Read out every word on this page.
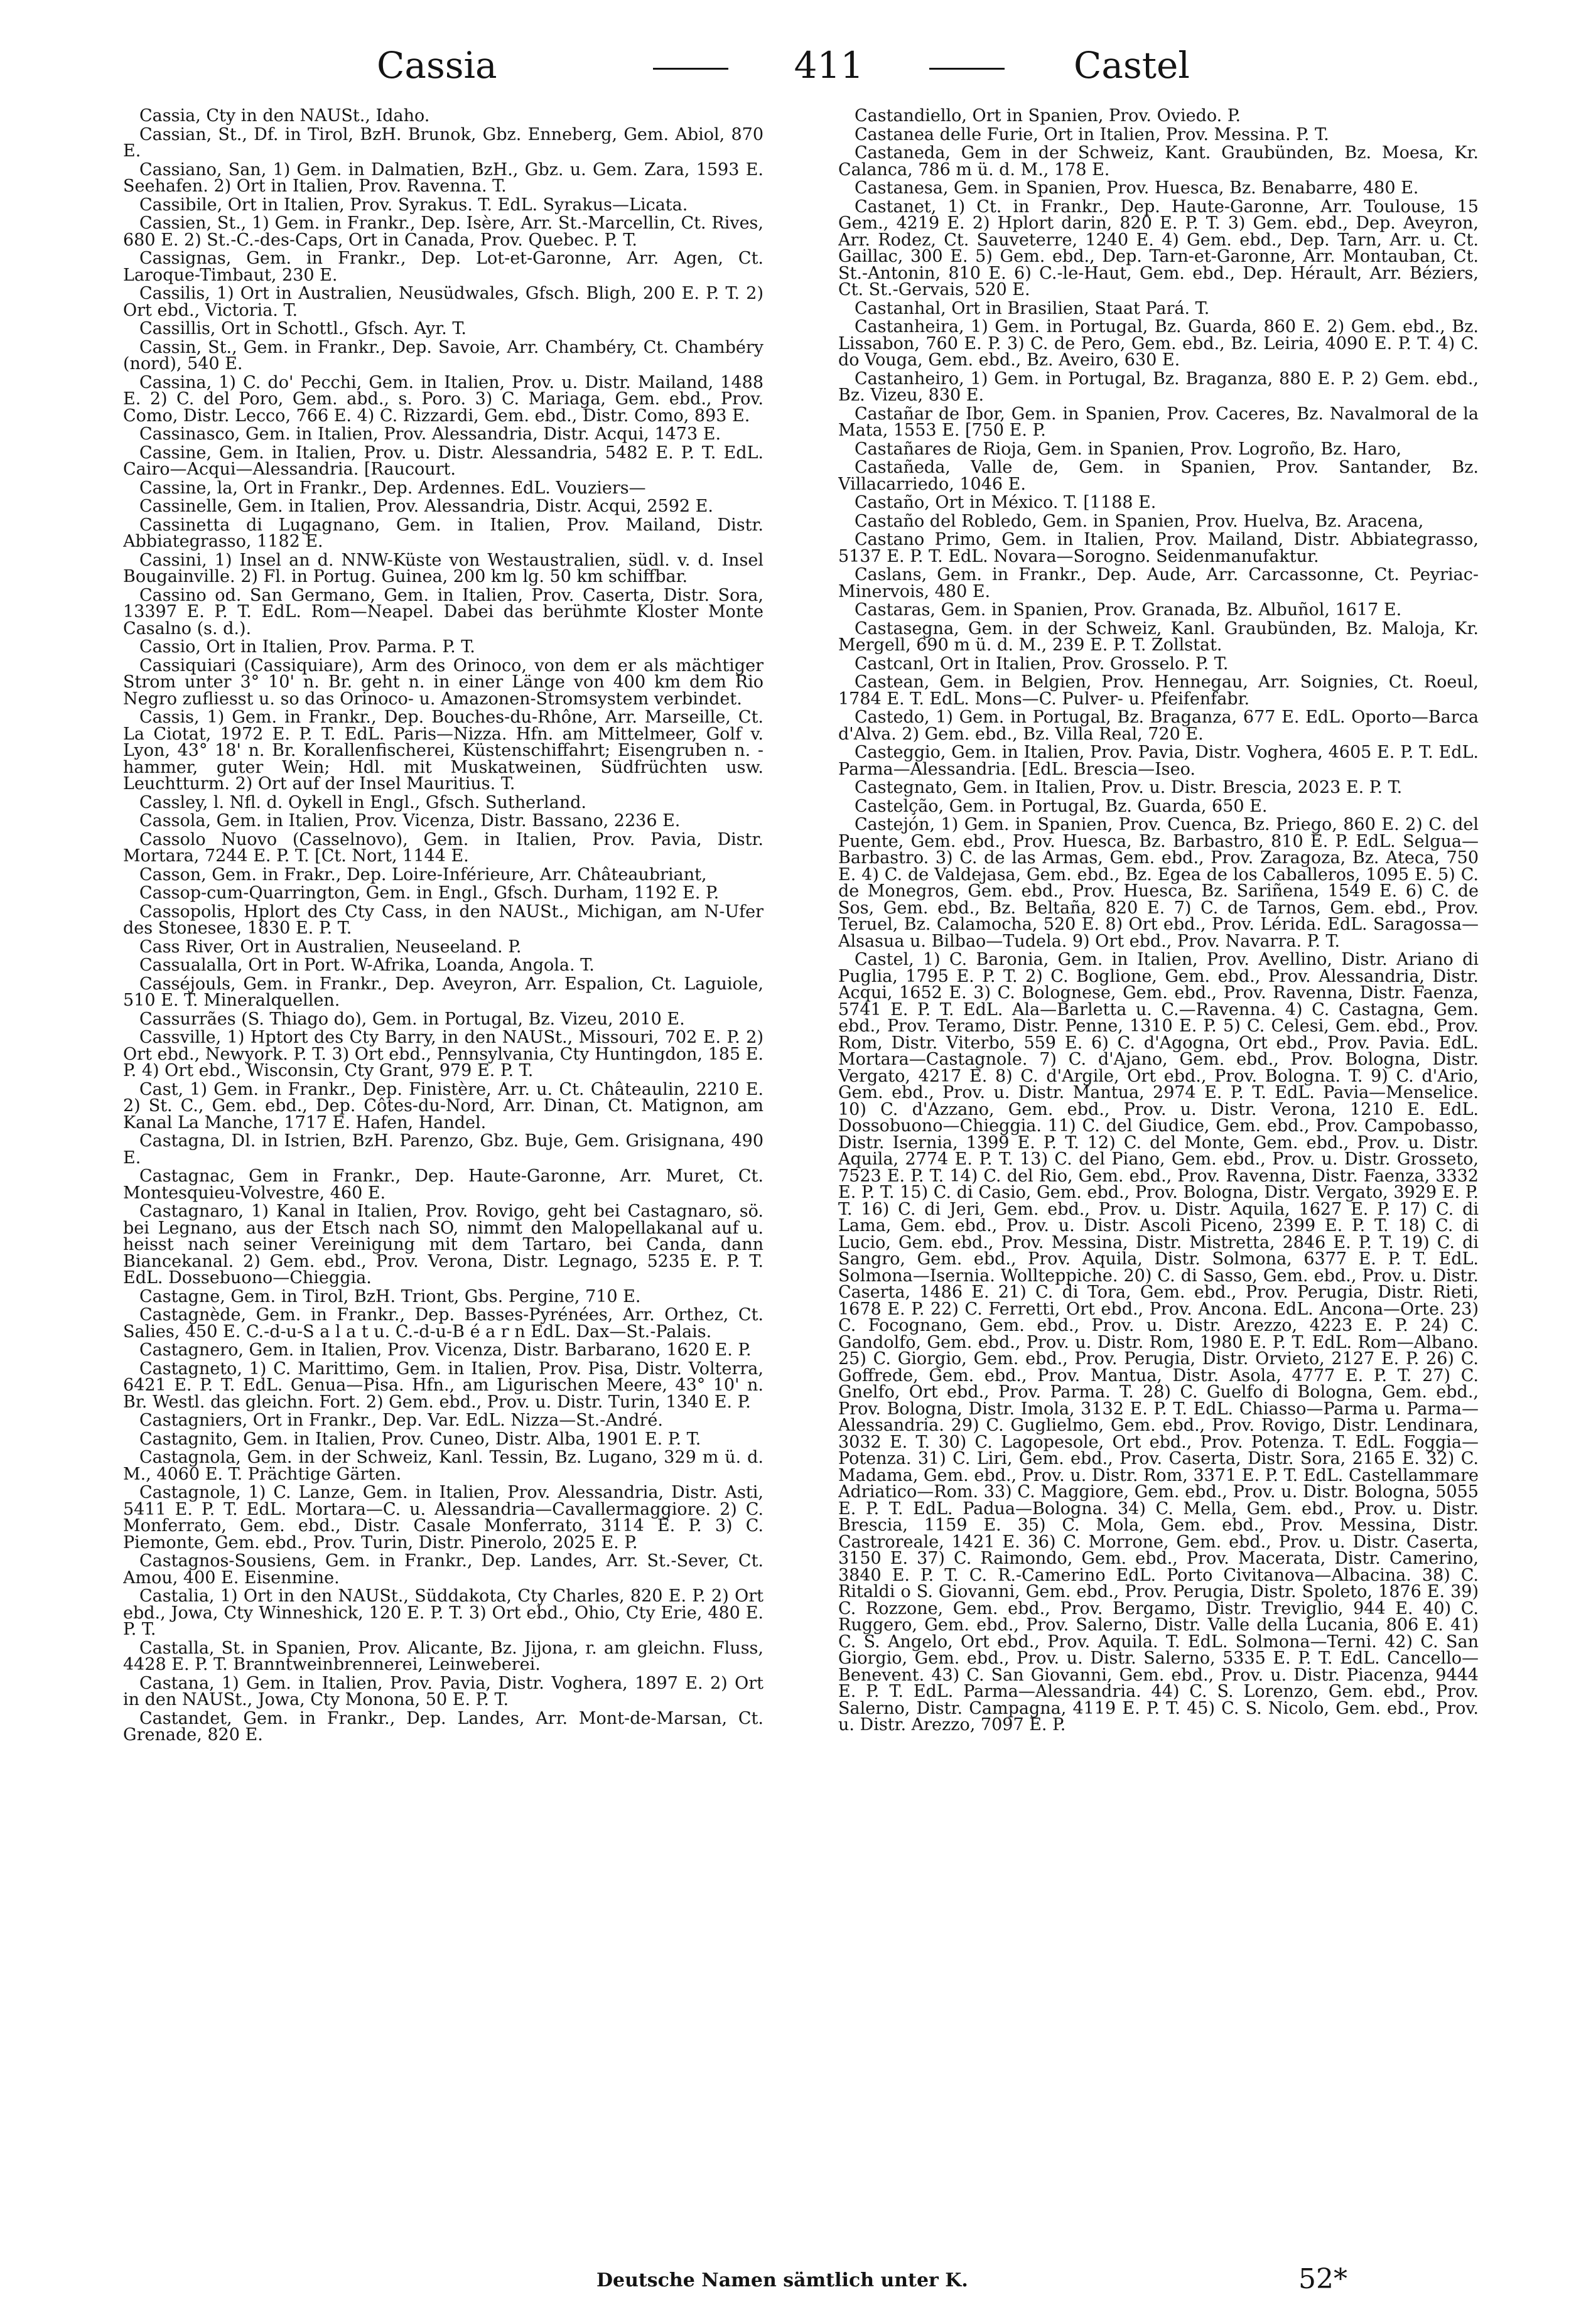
Cassia	411	Castel

Cassia, Cty in den NAUSt., Idaho.

Cassian, St., Df. in Tirol, BzH. Brunok, Gbz. Enneberg, Gem. Abiol, 870 E.

Cassiano, San, 1) Gem. in Dalmatien, BzH., Gbz. u. Gem. Zara, 1593 E. Seehafen. 2) Ort in Italien, Prov. Ravenna. T.

Cassibile, Ort in Italien, Prov. Syrakus. T. EdL. Syrakus—Licata.

Cassien, St., 1) Gem. in Frankr., Dep. Isère, Arr. St.-Marcellin, Ct. Rives, 680 E. 2) St.-C.-des-Caps, Ort in Canada, Prov. Quebec. P. T.

Cassignas, Gem. in Frankr., Dep. Lot-et-Garonne, Arr. Agen, Ct. Laroque-Timbaut, 230 E.

Cassilis, 1) Ort in Australien, Neusüdwales, Gfsch. Bligh, 200 E. P. T. 2) Ort ebd., Victoria. T.

Cassillis, Ort in Schottl., Gfsch. Ayr. T.

Cassin, St., Gem. in Frankr., Dep. Savoie, Arr. Chambéry, Ct. Chambéry (nord), 540 E.

Cassina, 1) C. do' Pecchi, Gem. in Italien, Prov. u. Distr. Mailand, 1488 E. 2) C. del Poro, Gem. abd., s. Poro. 3) C. Mariaga, Gem. ebd., Prov. Como, Distr. Lecco, 766 E. 4) C. Rizzardi, Gem. ebd., Distr. Como, 893 E.

Cassinasco, Gem. in Italien, Prov. Alessandria, Distr. Acqui, 1473 E.

Cassine, Gem. in Italien, Prov. u. Distr. Alessandria, 5482 E. P. T. EdL. Cairo—Acqui—Alessandria. [Raucourt.

Cassine, la, Ort in Frankr., Dep. Ardennes. EdL. Vouziers—

Cassinelle, Gem. in Italien, Prov. Alessandria, Distr. Acqui, 2592 E.

Cassinetta di Lugagnano, Gem. in Italien, Prov. Mailand, Distr. Abbiategrasso, 1182 E.

Cassini, 1) Insel an d. NNW-Küste von Westaustralien, südl. v. d. Insel Bougainville. 2) Fl. in Portug. Guinea, 200 km lg. 50 km schiffbar.

Cassino od. San Germano, Gem. in Italien, Prov. Caserta, Distr. Sora, 13397 E. P. T. EdL. Rom—Neapel. Dabei das berühmte Kloster Monte Casalno (s. d.).

Cassio, Ort in Italien, Prov. Parma. P. T.

Cassiquiari (Cassiquiare), Arm des Orinoco, von dem er als mächtiger Strom unter 3° 10' n. Br. geht n. in einer Länge von 400 km dem Rio Negro zufliesst u. so das Orinoco- u. Amazonen-Stromsystem verbindet.

Cassis, 1) Gem. in Frankr., Dep. Bouches-du-Rhône, Arr. Marseille, Ct. La Ciotat, 1972 E. P. T. EdL. Paris—Nizza. Hfn. am Mittelmeer, Golf v. Lyon, 43° 18' n. Br. Korallenfischerei, Küstenschiffahrt; Eisengruben n. -hammer, guter Wein; Hdl. mit Muskatweinen, Südfrüchten usw. Leuchtturm. 2) Ort auf der Insel Mauritius. T.

Cassley, l. Nfl. d. Oykell in Engl., Gfsch. Sutherland.

Cassola, Gem. in Italien, Prov. Vicenza, Distr. Bassano, 2236 E.

Cassolo Nuovo (Casselnovo), Gem. in Italien, Prov. Pavia, Distr. Mortara, 7244 E. P. T. [Ct. Nort, 1144 E.

Casson, Gem. in Frakr., Dep. Loire-Inférieure, Arr. Châteaubriant,

Cassop-cum-Quarrington, Gem. in Engl., Gfsch. Durham, 1192 E. P.

Cassopolis, Hplort des Cty Cass, in den NAUSt., Michigan, am N-Ufer des Stonesee, 1830 E. P. T.

Cass River, Ort in Australien, Neuseeland. P.

Cassualalla, Ort in Port. W-Afrika, Loanda, Angola. T.

Casséjouls, Gem. in Frankr., Dep. Aveyron, Arr. Espalion, Ct. Laguiole, 510 E. T. Mineralquellen.

Cassurrães (S. Thiago do), Gem. in Portugal, Bz. Vizeu, 2010 E.

Cassville, 1) Hptort des Cty Barry, in den NAUSt., Missouri, 702 E. P. 2) Ort ebd., Newyork. P. T. 3) Ort ebd., Pennsylvania, Cty Huntingdon, 185 E. P. 4) Ort ebd., Wisconsin, Cty Grant, 979 E. P. T.

Cast, 1) Gem. in Frankr., Dep. Finistère, Arr. u. Ct. Châteaulin, 2210 E. 2) St. C., Gem. ebd., Dep. Côtes-du-Nord, Arr. Dinan, Ct. Matignon, am Kanal La Manche, 1717 E. Hafen, Handel.

Castagna, Dl. in Istrien, BzH. Parenzo, Gbz. Buje, Gem. Grisignana, 490 E.

Castagnac, Gem in Frankr., Dep. Haute-Garonne, Arr. Muret, Ct. Montesquieu-Volvestre, 460 E.

Castagnaro, 1) Kanal in Italien, Prov. Rovigo, geht bei Castagnaro, sö. bei Legnano, aus der Etsch nach SO, nimmt den Malopellakanal auf u. heisst nach seiner Vereinigung mit dem Tartaro, bei Canda, dann Biancekanal. 2) Gem. ebd., Prov. Verona, Distr. Legnago, 5235 E. P. T. EdL. Dossebuono—Chieggia.

Castagne, Gem. in Tirol, BzH. Triont, Gbs. Pergine, 710 E.

Castagnède, Gem. in Frankr., Dep. Basses-Pyrénées, Arr. Orthez, Ct. Salies, 450 E. C.-d-u-S a l a t u. C.-d-u-B é a r n EdL. Dax—St.-Palais.

Castagnero, Gem. in Italien, Prov. Vicenza, Distr. Barbarano, 1620 E. P.

Castagneto, 1) C. Marittimo, Gem. in Italien, Prov. Pisa, Distr. Volterra, 6421 E. P. T. EdL. Genua—Pisa. Hfn., am Ligurischen Meere, 43° 10' n. Br. Westl. das gleichn. Fort. 2) Gem. ebd., Prov. u. Distr. Turin, 1340 E. P.

Castagniers, Ort in Frankr., Dep. Var. EdL. Nizza—St.-André.

Castagnito, Gem. in Italien, Prov. Cuneo, Distr. Alba, 1901 E. P. T.

Castagnola, Gem. in der Schweiz, Kanl. Tessin, Bz. Lugano, 329 m ü. d. M., 4060 E. T. Prächtige Gärten.

Castagnole, 1) C. Lanze, Gem. in Italien, Prov. Alessandria, Distr. Asti, 5411 E. P. T. EdL. Mortara—C. u. Alessandria—Cavallermaggiore. 2) C. Monferrato, Gem. ebd., Distr. Casale Monferrato, 3114 E. P. 3) C. Piemonte, Gem. ebd., Prov. Turin, Distr. Pinerolo, 2025 E. P.

Castagnos-Sousiens, Gem. in Frankr., Dep. Landes, Arr. St.-Sever, Ct. Amou, 400 E. Eisenmine.

Castalia, 1) Ort in den NAUSt., Süddakota, Cty Charles, 820 E. P. 2) Ort ebd., Jowa, Cty Winneshick, 120 E. P. T. 3) Ort ebd., Ohio, Cty Erie, 480 E. P. T.

Castalla, St. in Spanien, Prov. Alicante, Bz. Jijona, r. am gleichn. Fluss, 4428 E. P. T. Branntweinbrennerei, Leinweberei.

Castana, 1) Gem. in Italien, Prov. Pavia, Distr. Voghera, 1897 E. 2) Ort in den NAUSt., Jowa, Cty Monona, 50 E. P. T.

Castandet, Gem. in Frankr., Dep. Landes, Arr. Mont-de-Marsan, Ct. Grenade, 820 E.

Castandiello, Ort in Spanien, Prov. Oviedo. P.

Castanea delle Furie, Ort in Italien, Prov. Messina. P. T.

Castaneda, Gem in der Schweiz, Kant. Graubünden, Bz. Moesa, Kr. Calanca, 786 m ü. d. M., 178 E.

Castanesa, Gem. in Spanien, Prov. Huesca, Bz. Benabarre, 480 E.

Castanet, 1) Ct. in Frankr., Dep. Haute-Garonne, Arr. Toulouse, 15 Gem., 4219 E. 2) Hplort darin, 820 E. P. T. 3) Gem. ebd., Dep. Aveyron, Arr. Rodez, Ct. Sauveterre, 1240 E. 4) Gem. ebd., Dep. Tarn, Arr. u. Ct. Gaillac, 300 E. 5) Gem. ebd., Dep. Tarn-et-Garonne, Arr. Montauban, Ct. St.-Antonin, 810 E. 6) C.-le-Haut, Gem. ebd., Dep. Hérault, Arr. Béziers, Ct. St.-Gervais, 520 E.

Castanhal, Ort in Brasilien, Staat Pará. T.

Castanheira, 1) Gem. in Portugal, Bz. Guarda, 860 E. 2) Gem. ebd., Bz. Lissabon, 760 E. P. 3) C. de Pero, Gem. ebd., Bz. Leiria, 4090 E. P. T. 4) C. do Vouga, Gem. ebd., Bz. Aveiro, 630 E.

Castanheiro, 1) Gem. in Portugal, Bz. Braganza, 880 E. P. 2) Gem. ebd., Bz. Vizeu, 830 E.

Castañar de Ibor, Gem. in Spanien, Prov. Caceres, Bz. Navalmoral de la Mata, 1553 E. [750 E. P.

Castañares de Rioja, Gem. in Spanien, Prov. Logroño, Bz. Haro,

Castañeda, Valle de, Gem. in Spanien, Prov. Santander, Bz. Villacarriedo, 1046 E.

Castaño, Ort in México. T. [1188 E.

Castaño del Robledo, Gem. in Spanien, Prov. Huelva, Bz. Aracena,

Castano Primo, Gem. in Italien, Prov. Mailand, Distr. Abbiategrasso, 5137 E. P. T. EdL. Novara—Sorogno. Seidenmanufaktur.

Caslans, Gem. in Frankr., Dep. Aude, Arr. Carcassonne, Ct. Peyriac-Minervois, 480 E.

Castaras, Gem. in Spanien, Prov. Granada, Bz. Albuñol, 1617 E.

Castasegna, Gem. in der Schweiz, Kanl. Graubünden, Bz. Maloja, Kr. Mergell, 690 m ü. d. M., 239 E. P. T. Zollstat.

Castcanl, Ort in Italien, Prov. Grosselo. P. T.

Castean, Gem. in Belgien, Prov. Hennegau, Arr. Soignies, Ct. Roeul, 1784 E. T. EdL. Mons—C. Pulver- u. Pfeifenfabr.

Castedo, 1) Gem. in Portugal, Bz. Braganza, 677 E. EdL. Oporto—Barca d'Alva. 2) Gem. ebd., Bz. Villa Real, 720 E.

Casteggio, Gem. in Italien, Prov. Pavia, Distr. Voghera, 4605 E. P. T. EdL. Parma—Alessandria. [EdL. Brescia—Iseo.

Castegnato, Gem. in Italien, Prov. u. Distr. Brescia, 2023 E. P. T.

Castelção, Gem. in Portugal, Bz. Guarda, 650 E.

Castejón, 1) Gem. in Spanien, Prov. Cuenca, Bz. Priego, 860 E. 2) C. del Puente, Gem. ebd., Prov. Huesca, Bz. Barbastro, 810 E. P. EdL. Selgua—Barbastro. 3) C. de las Armas, Gem. ebd., Prov. Zaragoza, Bz. Ateca, 750 E. 4) C. de Valdejasa, Gem. ebd., Bz. Egea de los Caballeros, 1095 E. 5) C. de Monegros, Gem. ebd., Prov. Huesca, Bz. Sariñena, 1549 E. 6) C. de Sos, Gem. ebd., Bz. Beltaña, 820 E. 7) C. de Tarnos, Gem. ebd., Prov. Teruel, Bz. Calamocha, 520 E. 8) Ort ebd., Prov. Lérida. EdL. Saragossa—Alsasua u. Bilbao—Tudela. 9) Ort ebd., Prov. Navarra. P. T.

Castel, 1) C. Baronia, Gem. in Italien, Prov. Avellino, Distr. Ariano di Puglia, 1795 E. P. T. 2) C. Boglione, Gem. ebd., Prov. Alessandria, Distr. Acqui, 1652 E. 3) C. Bolognese, Gem. ebd., Prov. Ravenna, Distr. Faenza, 5741 E. P. T. EdL. Ala—Barletta u. C.—Ravenna. 4) C. Castagna, Gem. ebd., Prov. Teramo, Distr. Penne, 1310 E. P. 5) C. Celesi, Gem. ebd., Prov. Rom, Distr. Viterbo, 559 E. 6) C. d'Agogna, Ort ebd., Prov. Pavia. EdL. Mortara—Castagnole. 7) C. d'Ajano, Gem. ebd., Prov. Bologna, Distr. Vergato, 4217 E. 8) C. d'Argile, Ort ebd., Prov. Bologna. T. 9) C. d'Ario, Gem. ebd., Prov. u. Distr. Mantua, 2974 E. P. T. EdL. Pavia—Menselice. 10) C. d'Azzano, Gem. ebd., Prov. u. Distr. Verona, 1210 E. EdL. Dossobuono—Chieggia. 11) C. del Giudice, Gem. ebd., Prov. Campobasso, Distr. Isernia, 1399 E. P. T. 12) C. del Monte, Gem. ebd., Prov. u. Distr. Aquila, 2774 E. P. T. 13) C. del Piano, Gem. ebd., Prov. u. Distr. Grosseto, 7523 E. P. T. 14) C. del Rio, Gem. ebd., Prov. Ravenna, Distr. Faenza, 3332 E. P. T. 15) C. di Casio, Gem. ebd., Prov. Bologna, Distr. Vergato, 3929 E. P. T. 16) C. di Jeri, Gem. ebd., Prov. u. Distr. Aquila, 1627 E. P. 17) C. di Lama, Gem. ebd., Prov. u. Distr. Ascoli Piceno, 2399 E. P. T. 18) C. di Lucio, Gem. ebd., Prov. Messina, Distr. Mistretta, 2846 E. P. T. 19) C. di Sangro, Gem. ebd., Prov. Aquila, Distr. Solmona, 6377 E. P. T. EdL. Solmona—Isernia. Wollteppiche. 20) C. di Sasso, Gem. ebd., Prov. u. Distr. Caserta, 1486 E. 21) C. di Tora, Gem. ebd., Prov. Perugia, Distr. Rieti, 1678 E. P. 22) C. Ferretti, Ort ebd., Prov. Ancona. EdL. Ancona—Orte. 23) C. Focognano, Gem. ebd., Prov. u. Distr. Arezzo, 4223 E. P. 24) C. Gandolfo, Gem. ebd., Prov. u. Distr. Rom, 1980 E. P. T. EdL. Rom—Albano. 25) C. Giorgio, Gem. ebd., Prov. Perugia, Distr. Orvieto, 2127 E. P. 26) C. Goffrede, Gem. ebd., Prov. Mantua, Distr. Asola, 4777 E. P. T. 27) C. Gnelfo, Ort ebd., Prov. Parma. T. 28) C. Guelfo di Bologna, Gem. ebd., Prov. Bologna, Distr. Imola, 3132 E. P. T. EdL. Chiasso—Parma u. Parma—Alessandria. 29) C. Guglielmo, Gem. ebd., Prov. Rovigo, Distr. Lendinara, 3032 E. T. 30) C. Lagopesole, Ort ebd., Prov. Potenza. T. EdL. Foggia—Potenza. 31) C. Liri, Gem. ebd., Prov. Caserta, Distr. Sora, 2165 E. 32) C. Madama, Gem. ebd., Prov. u. Distr. Rom, 3371 E. P. T. EdL. Castellammare Adriatico—Rom. 33) C. Maggiore, Gem. ebd., Prov. u. Distr. Bologna, 5055 E. P. T. EdL. Padua—Bologna. 34) C. Mella, Gem. ebd., Prov. u. Distr. Brescia, 1159 E. 35) C. Mola, Gem. ebd., Prov. Messina, Distr. Castroreale, 1421 E. 36) C. Morrone, Gem. ebd., Prov. u. Distr. Caserta, 3150 E. 37) C. Raimondo, Gem. ebd., Prov. Macerata, Distr. Camerino, 3840 E. P. T. C. R.-Camerino EdL. Porto Civitanova—Albacina. 38) C. Ritaldi o S. Giovanni, Gem. ebd., Prov. Perugia, Distr. Spoleto, 1876 E. 39) C. Rozzone, Gem. ebd., Prov. Bergamo, Distr. Treviglio, 944 E. 40) C. Ruggero, Gem. ebd., Prov. Salerno, Distr. Valle della Lucania, 806 E. 41) C. S. Angelo, Ort ebd., Prov. Aquila. T. EdL. Solmona—Terni. 42) C. San Giorgio, Gem. ebd., Prov. u. Distr. Salerno, 5335 E. P. T. EdL. Cancello—Benevent. 43) C. San Giovanni, Gem. ebd., Prov. u. Distr. Piacenza, 9444 E. P. T. EdL. Parma—Alessandria. 44) C. S. Lorenzo, Gem. ebd., Prov. Salerno, Distr. Campagna, 4119 E. P. T. 45) C. S. Nicolo, Gem. ebd., Prov. u. Distr. Arezzo, 7097 E. P.

Deutsche Namen sämtlich unter K.	52*
